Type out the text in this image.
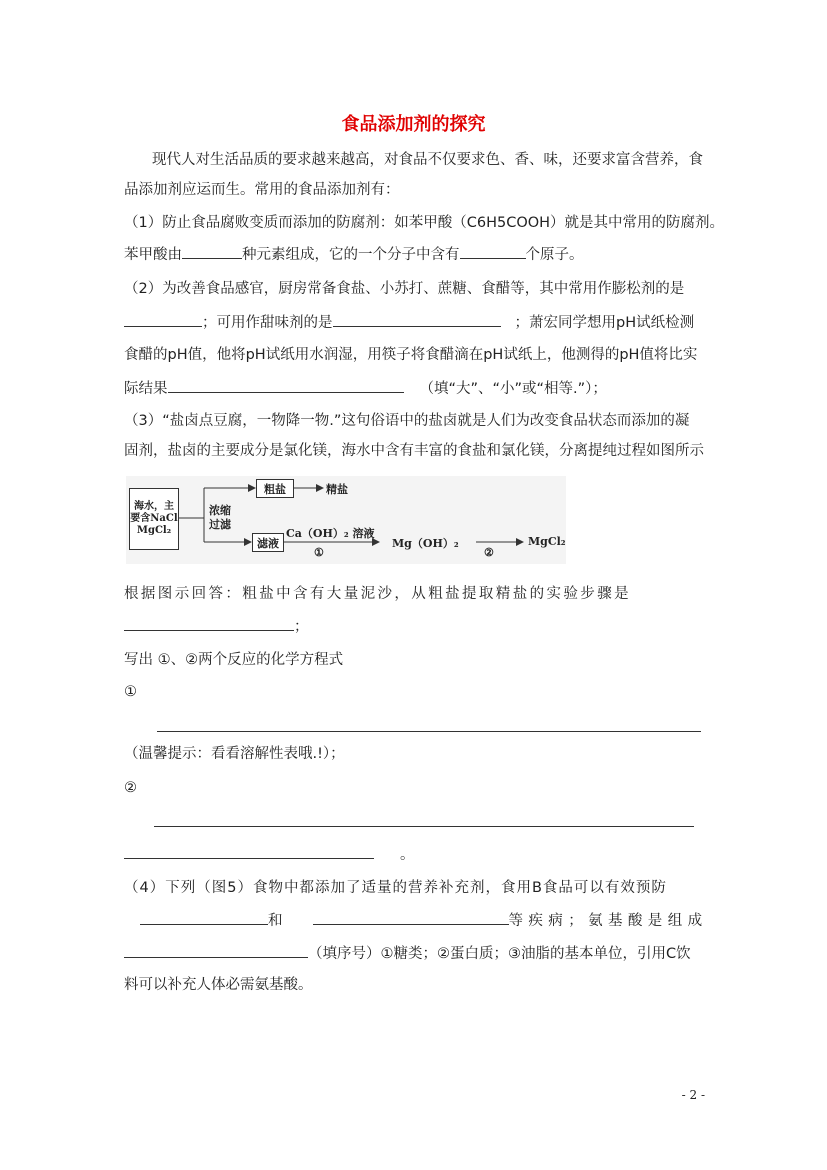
食品添加剂的探究
现代人对生活品质的要求越来越高，对食品不仅要求色、香、味，还要求富含营养，食
品添加剂应运而生。常用的食品添加剂有：
（1）防止食品腐败变质而添加的防腐剂：如苯甲酸（C6H5COOH）就是其中常用的防腐剂。
苯甲酸由	种元素组成，它的一个分子中含有	个原子。
（2）为改善食品感官，厨房常备食盐、小苏打、蔗糖、食醋等，其中常用作膨松剂的是
；可用作甜味剂的是	；萧宏同学想用pH试纸检测
食醋的pH值，他将pH试纸用水润湿，用筷子将食醋滴在pH试纸上，他测得的pH值将比实
际结果	（填“大”、“小”或“相等.”）；
（3）“盐卤点豆腐，一物降一物.”这句俗语中的盐卤就是人们为改变食品状态而添加的凝
固剂，盐卤的主要成分是氯化镁，海水中含有丰富的食盐和氯化镁，分离提纯过程如图所示
海水，主要含NaCl MgCl₂
浓缩
过滤
粗盐	精盐
滤液
Ca（OH）₂ 溶液
①
Mg（OH）₂
②
MgCl₂
根据图示回答：粗盐中含有大量泥沙，从粗盐提取精盐的实验步骤是
；
写出 ①、②两个反应的化学方程式
①
（温馨提示：看看溶解性表哦.!）；
②
。
（4）下列（图5）食物中都添加了适量的营养补充剂，食用B食品可以有效预防
和	等疾病；氨基酸是组成
（填序号）①糖类；②蛋白质；③油脂的基本单位，引用C饮
料可以补充人体必需氨基酸。
- 2 -
